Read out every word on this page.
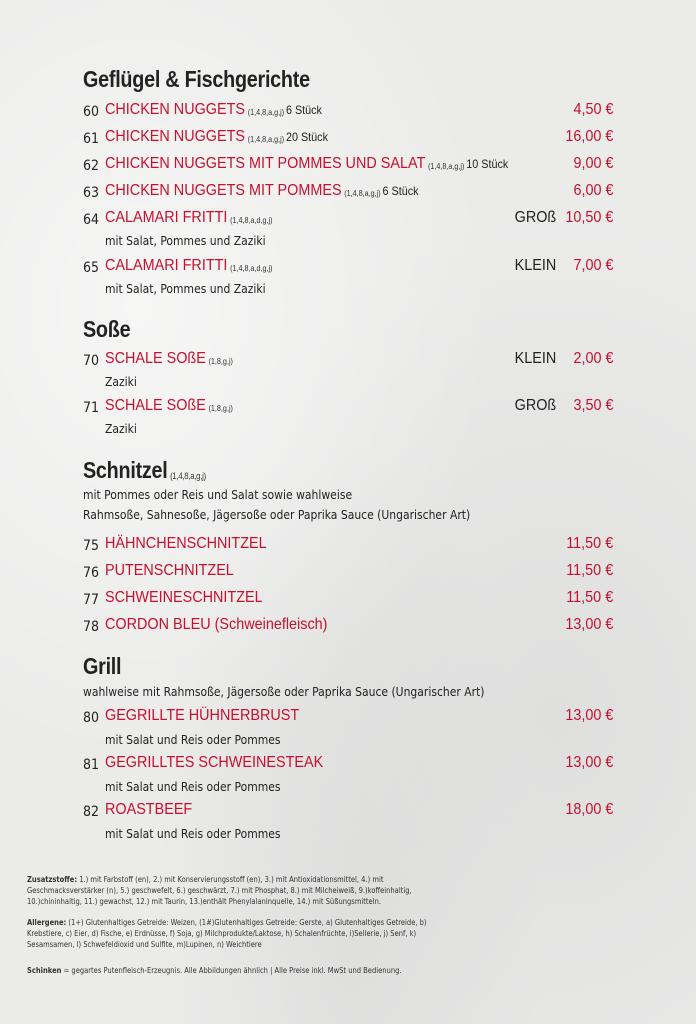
Geflügel & Fischgerichte
60 CHICKEN NUGGETS (1,4,8,a,g,j) 6 Stück	4,50 €
61 CHICKEN NUGGETS (1,4,8,a,g,j) 20 Stück	16,00 €
62 CHICKEN NUGGETS MIT POMMES UND SALAT (1,4,8,a,g,j) 10 Stück	9,00 €
63 CHICKEN NUGGETS MIT POMMES (1,4,8,a,g,j) 6 Stück	6,00 €
64 CALAMARI FRITTI (1,4,8,a,d,g,j)	GROß 10,50 €
mit Salat, Pommes und Zaziki
65 CALAMARI FRITTI (1,4,8,a,d,g,j)	KLEIN 7,00 €
mit Salat, Pommes und Zaziki
Soße
70 SCHALE SOßE (1,8,g,j)	KLEIN 2,00 €
Zaziki
71 SCHALE SOßE (1,8,g,j)	GROß 3,50 €
Zaziki
Schnitzel (1,4,8,a,g,j)
mit Pommes oder Reis und Salat sowie wahlweise
Rahmsoße, Sahnesoße, Jägersoße oder Paprika Sauce (Ungarischer Art)
75 HÄHNCHENSCHNITZEL	11,50 €
76 PUTENSCHNITZEL	11,50 €
77 SCHWEINESCHNITZEL	11,50 €
78 CORDON BLEU (Schweinefleisch)	13,00 €
Grill
wahlweise mit Rahmsoße, Jägersoße oder Paprika Sauce (Ungarischer Art)
80 GEGRILLTE HÜHNERBRUST	13,00 €
mit Salat und Reis oder Pommes
81 GEGRILLTES SCHWEINESTEAK	13,00 €
mit Salat und Reis oder Pommes
82 ROASTBEEF	18,00 €
mit Salat und Reis oder Pommes
Zusatzstoffe: 1.) mit Farbstoff (en), 2.) mit Konservierungsstoff (en), 3.) mit Antioxidationsmittel, 4.) mit Geschmacksverstärker (n), 5.) geschwefelt, 6.) geschwärzt, 7.) mit Phosphat, 8.) mit Milcheiweiß, 9.)koffeinhaltig, 10.)chininhaltig, 11.) gewachst, 12.) mit Taurin, 13.)enthält Phenylalaninquelle, 14.) mit Süßungsmitteln.
Allergene: (1+) Glutenhaltiges Getreide: Weizen, (1#)Glutenhaltiges Getreide: Gerste, a) Glutenhaltiges Getreide, b) Krebstiere, c) Eier, d) Fische, e) Erdnüsse, f) Soja, g) Milchprodukte/Laktose, h) Schalenfrüchte, i)Sellerie, j) Senf, k) Sesamsamen, l) Schwefeldioxid und Sulfite, m)Lupinen, n) Weichtiere
Schinken = gegartes Putenfleisch-Erzeugnis. Alle Abbildungen ähnlich | Alle Preise inkl. MwSt und Bedienung.
